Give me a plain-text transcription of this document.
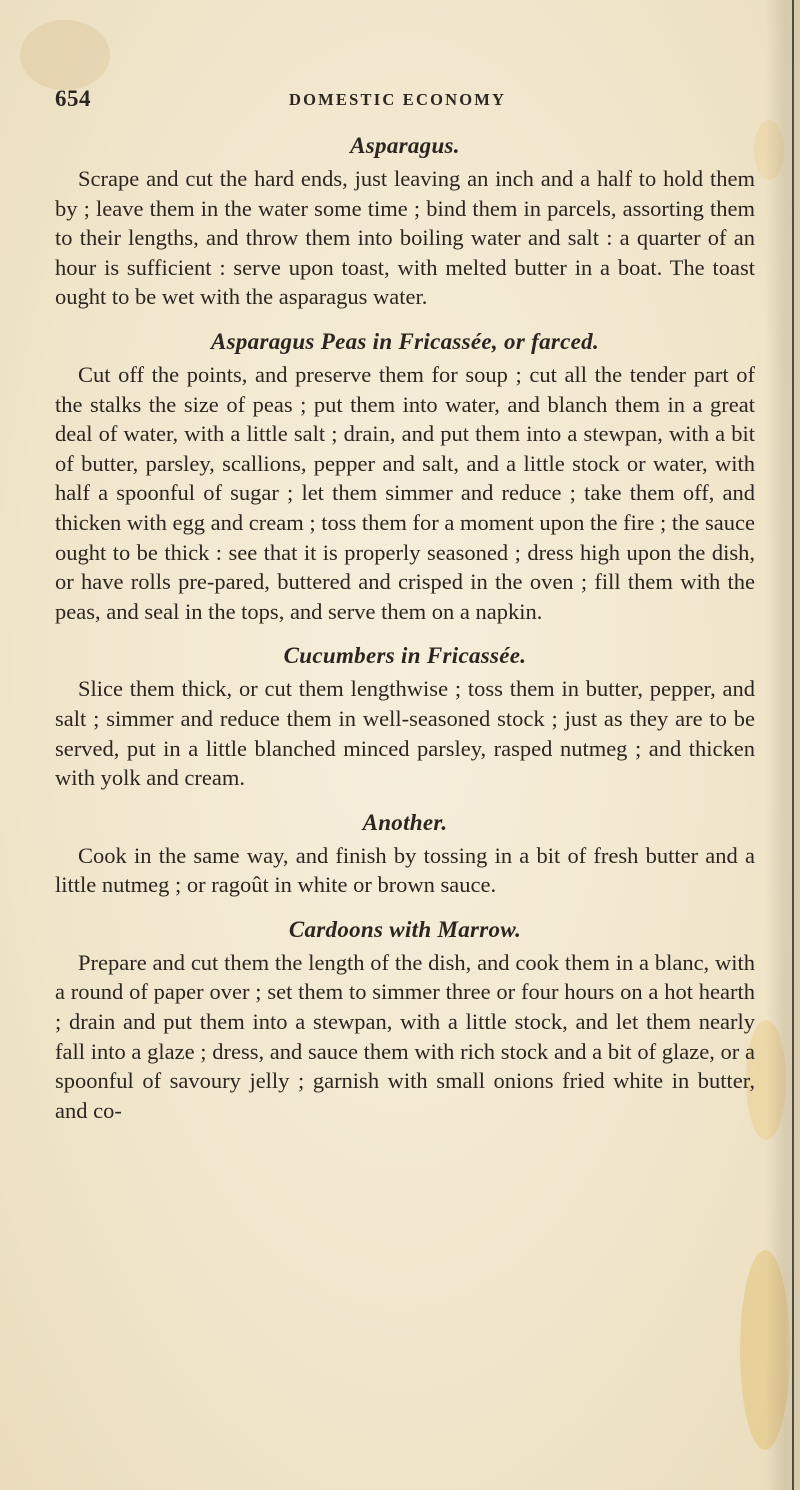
654	DOMESTIC ECONOMY
Asparagus.

Scrape and cut the hard ends, just leaving an inch and a half to hold them by ; leave them in the water some time ; bind them in parcels, assorting them to their lengths, and throw them into boiling water and salt : a quarter of an hour is sufficient : serve upon toast, with melted butter in a boat. The toast ought to be wet with the asparagus water.

Asparagus Peas in Fricassée, or farced.

Cut off the points, and preserve them for soup ; cut all the tender part of the stalks the size of peas ; put them into water, and blanch them in a great deal of water, with a little salt ; drain, and put them into a stewpan, with a bit of butter, parsley, scallions, pepper and salt, and a little stock or water, with half a spoonful of sugar ; let them simmer and reduce ; take them off, and thicken with egg and cream ; toss them for a moment upon the fire ; the sauce ought to be thick : see that it is properly seasoned ; dress high upon the dish, or have rolls pre-pared, buttered and crisped in the oven ; fill them with the peas, and seal in the tops, and serve them on a napkin.

Cucumbers in Fricassée.

Slice them thick, or cut them lengthwise ; toss them in butter, pepper, and salt ; simmer and reduce them in well-seasoned stock ; just as they are to be served, put in a little blanched minced parsley, rasped nutmeg ; and thicken with yolk and cream.

Another.

Cook in the same way, and finish by tossing in a bit of fresh butter and a little nutmeg ; or ragoût in white or brown sauce.

Cardoons with Marrow.

Prepare and cut them the length of the dish, and cook them in a blanc, with a round of paper over ; set them to simmer three or four hours on a hot hearth ; drain and put them into a stewpan, with a little stock, and let them nearly fall into a glaze ; dress, and sauce them with rich stock and a bit of glaze, or a spoonful of savoury jelly ; garnish with small onions fried white in butter, and co-
